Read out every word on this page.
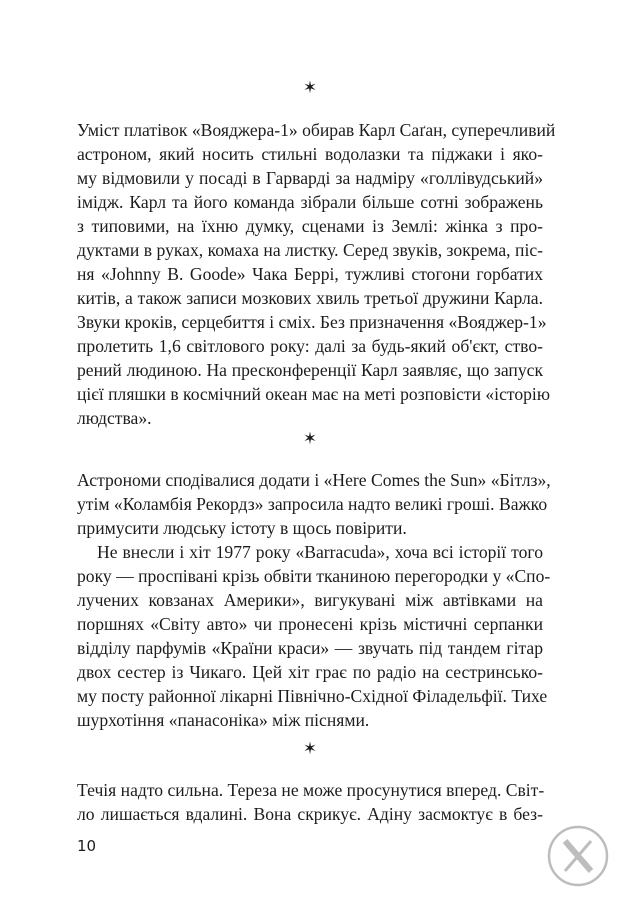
✶
Уміст платівок «Вояджера-1» обирав Карл Саґан, суперечливий
астроном, який носить стильні водолазки та піджаки і яко-
му відмовили у посаді в Гарварді за надміру «голлівудський»
імідж. Карл та його команда зібрали більше сотні зображень
з типовими, на їхню думку, сценами із Землі: жінка з про-
дуктами в руках, комаха на листку. Серед звуків, зокрема, піс-
ня «Johnny B. Goode» Чака Беррі, тужливі стогони горбатих
китів, а також записи мозкових хвиль третьої дружини Карла.
Звуки кроків, серцебиття і сміх. Без призначення «Вояджер-1»
пролетить 1,6 світлового року: далі за будь-який об'єкт, ство-
рений людиною. На пресконференції Карл заявляє, що запуск
цієї пляшки в космічний океан має на меті розповісти «історію
людства».
✶
Астрономи сподівалися додати і «Here Comes the Sun» «Бітлз»,
утім «Коламбія Рекордз» запросила надто великі гроші. Важко
примусити людську істоту в щось повірити.
Не внесли і хіт 1977 року «Barracuda», хоча всі історії того
року — проспівані крізь обвіти тканиною перегородки у «Спо-
лучених ковзанах Америки», вигукувані між автівками на
поршнях «Світу авто» чи пронесені крізь містичні серпанки
відділу парфумів «Країни краси» — звучать під тандем гітар
двох сестер із Чикаго. Цей хіт грає по радіо на сестринсько-
му посту районної лікарні Північно-Східної Філадельфії. Тихе
шурхотіння «панасоніка» між піснями.
✶
Течія надто сильна. Тереза не може просунутися вперед. Світ-
ло лишається вдалині. Вона скрикує. Адіну засмоктує в без-
10
